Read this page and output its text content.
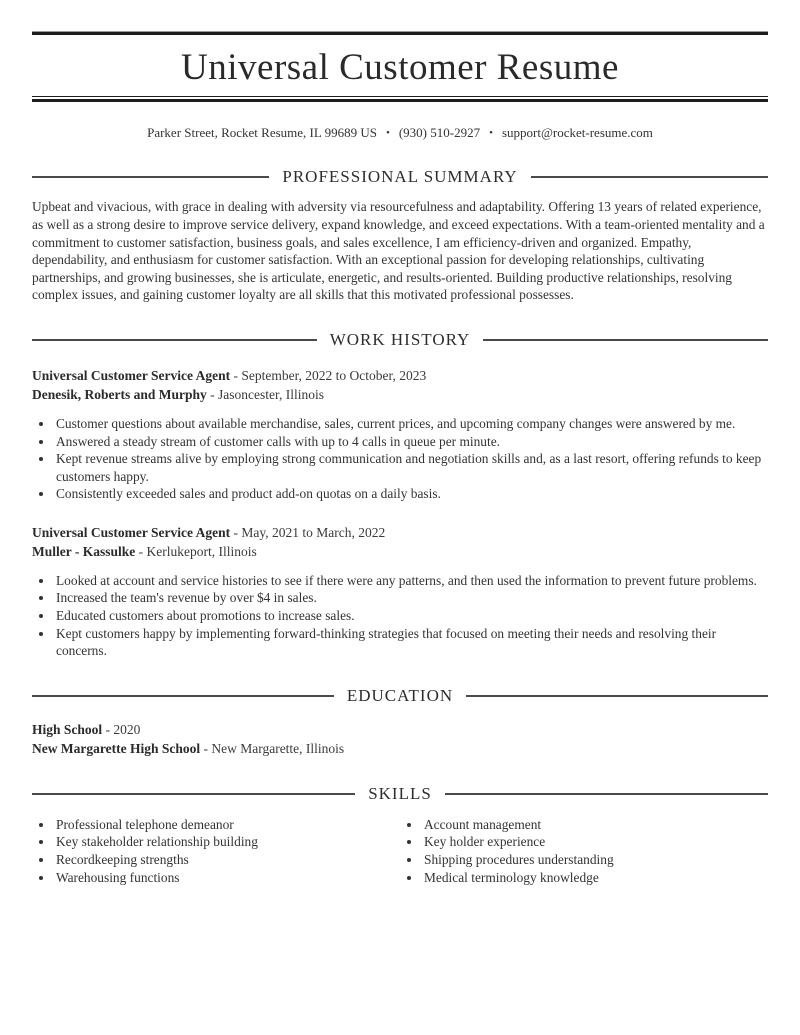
Universal Customer Resume
Parker Street, Rocket Resume, IL 99689 US • (930) 510-2927 • support@rocket-resume.com
PROFESSIONAL SUMMARY

Upbeat and vivacious, with grace in dealing with adversity via resourcefulness and adaptability. Offering 13 years of related experience, as well as a strong desire to improve service delivery, expand knowledge, and exceed expectations. With a team-oriented mentality and a commitment to customer satisfaction, business goals, and sales excellence, I am efficiency-driven and organized. Empathy, dependability, and enthusiasm for customer satisfaction. With an exceptional passion for developing relationships, cultivating partnerships, and growing businesses, she is articulate, energetic, and results-oriented. Building productive relationships, resolving complex issues, and gaining customer loyalty are all skills that this motivated professional possesses.

WORK HISTORY

Universal Customer Service Agent - September, 2022 to October, 2023

Denesik, Roberts and Murphy - Jasoncester, Illinois

• Customer questions about available merchandise, sales, current prices, and upcoming company changes were answered by me.
• Answered a steady stream of customer calls with up to 4 calls in queue per minute.
• Kept revenue streams alive by employing strong communication and negotiation skills and, as a last resort, offering refunds to keep customers happy.
• Consistently exceeded sales and product add-on quotas on a daily basis.

Universal Customer Service Agent - May, 2021 to March, 2022

Muller - Kassulke - Kerlukeport, Illinois

• Looked at account and service histories to see if there were any patterns, and then used the information to prevent future problems.
• Increased the team's revenue by over $4 in sales.
• Educated customers about promotions to increase sales.
• Kept customers happy by implementing forward-thinking strategies that focused on meeting their needs and resolving their concerns.
EDUCATION

High School - 2020

New Margarette High School - New Margarette, Illinois

SKILLS
• Professional telephone demeanor
• Key stakeholder relationship building
• Recordkeeping strengths
• Warehousing functions
• Account management
• Key holder experience
• Shipping procedures understanding
• Medical terminology knowledge
